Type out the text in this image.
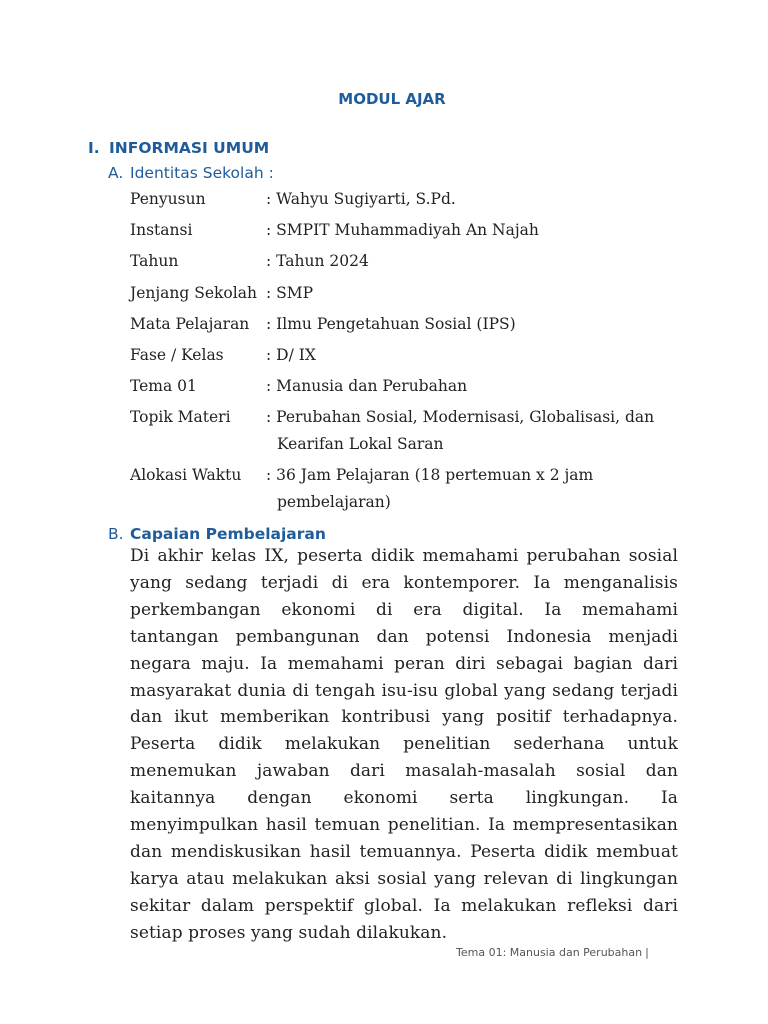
MODUL AJAR
I. INFORMASI UMUM
A. Identitas Sekolah :
Penyusun	: Wahyu Sugiyarti, S.Pd.
Instansi	: SMPIT Muhammadiyah An Najah
Tahun	: Tahun 2024
Jenjang Sekolah : SMP
Mata Pelajaran : Ilmu Pengetahuan Sosial (IPS)
Fase / Kelas	: D/ IX
Tema 01	: Manusia dan Perubahan
Topik Materi : Perubahan Sosial, Modernisasi, Globalisasi, dan
Kearifan Lokal Saran
Alokasi Waktu : 36 Jam Pelajaran (18 pertemuan x 2 jam
pembelajaran)
B. Capaian Pembelajaran
Di akhir kelas IX, peserta didik memahami perubahan sosial yang sedang terjadi di era kontemporer. Ia menganalisis perkembangan ekonomi di era digital. Ia memahami tantangan pembangunan dan potensi Indonesia menjadi negara maju. Ia memahami peran diri sebagai bagian dari masyarakat dunia di tengah isu-isu global yang sedang terjadi dan ikut memberikan kontribusi yang positif terhadapnya. Peserta didik melakukan penelitian sederhana untuk menemukan jawaban dari masalah-masalah sosial dan kaitannya dengan ekonomi serta lingkungan. Ia menyimpulkan hasil temuan penelitian. Ia mempresentasikan dan mendiskusikan hasil temuannya. Peserta didik membuat karya atau melakukan aksi sosial yang relevan di lingkungan sekitar dalam perspektif global. Ia melakukan refleksi dari setiap proses yang sudah dilakukan.
Tema 01: Manusia dan Perubahan |
